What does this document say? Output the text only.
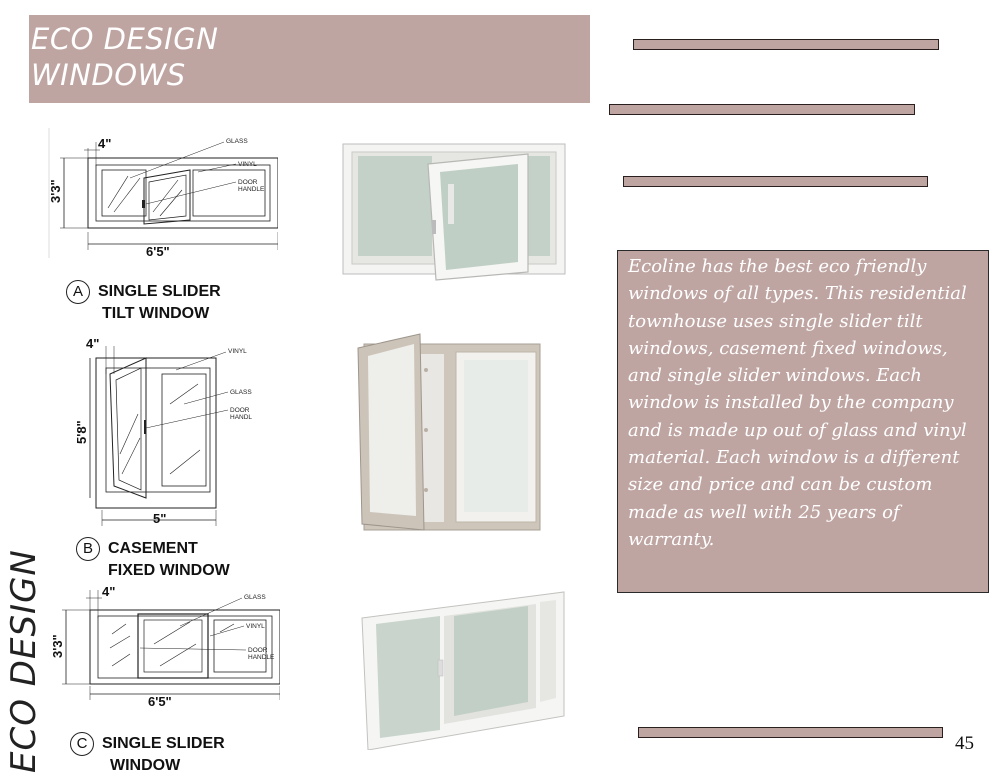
ECO DESIGN
WINDOWS

Ecoline has the best eco friendly windows of all types. This residential townhouse uses single slider tilt windows, casement fixed windows, and single slider windows. Each window is installed by the company and is made up out of glass and vinyl material. Each window is a different size and price and can be custom made as well with 25 years of warranty.

ECO DESIGN	45
3'3"
6'5"
4"	GLASS
VINYL
DOOR
HANDLE
A SINGLE SLIDER
TILT WINDOW
5'8"
5"
4"
VINYL
GLASS
DOOR
HANDL
B CASEMENT
FIXED WINDOW
3'3"
6'5"
4"	GLASS
VINYL
DOOR
HANDLE
C SINGLE SLIDER
WINDOW
